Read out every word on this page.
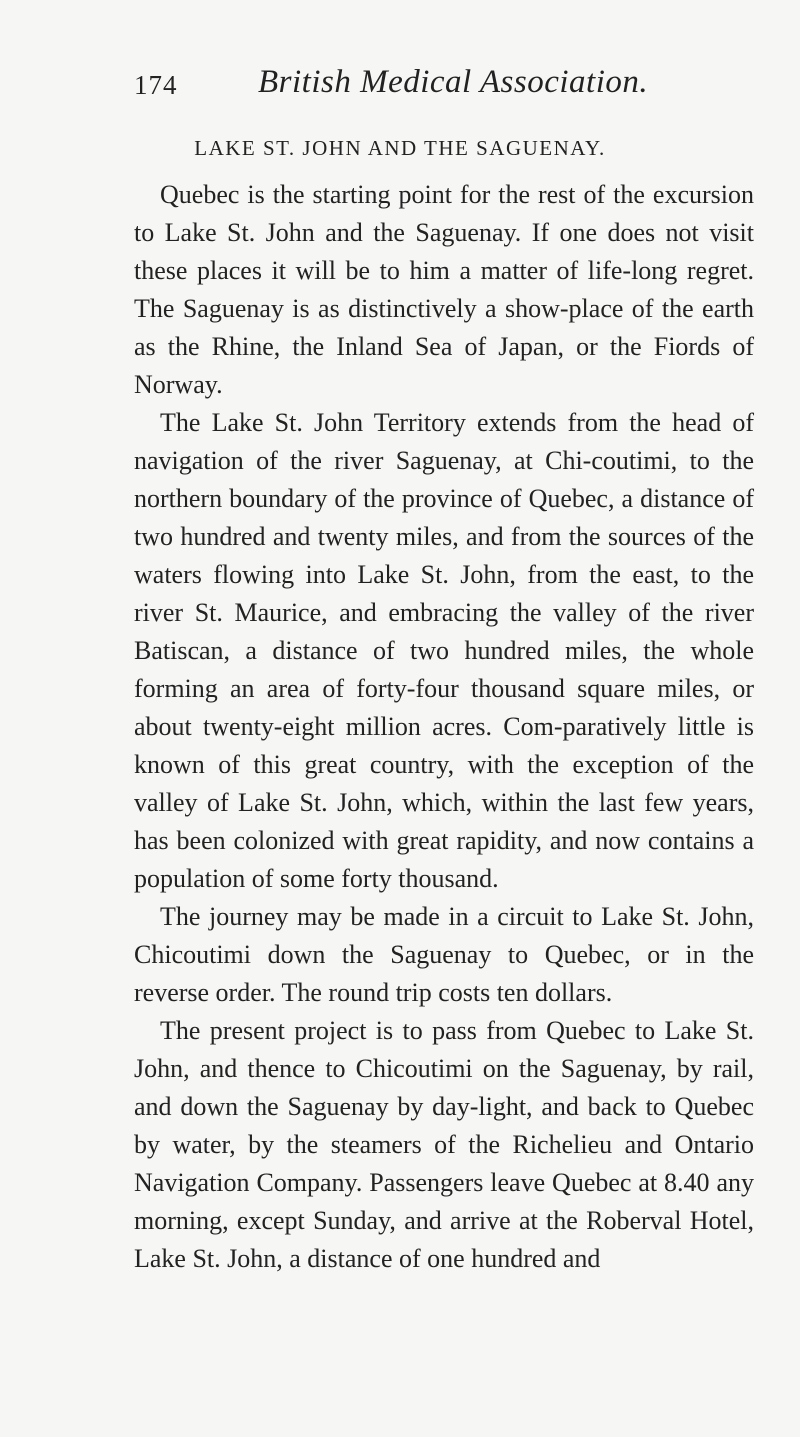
174 British Medical Association.
LAKE ST. JOHN AND THE SAGUENAY.

Quebec is the starting point for the rest of the excursion to Lake St. John and the Saguenay. If one does not visit these places it will be to him a matter of life-long regret. The Saguenay is as distinctively a show-place of the earth as the Rhine, the Inland Sea of Japan, or the Fiords of Norway.

The Lake St. John Territory extends from the head of navigation of the river Saguenay, at Chi-coutimi, to the northern boundary of the province of Quebec, a distance of two hundred and twenty miles, and from the sources of the waters flowing into Lake St. John, from the east, to the river St. Maurice, and embracing the valley of the river Batiscan, a distance of two hundred miles, the whole forming an area of forty-four thousand square miles, or about twenty-eight million acres. Com-paratively little is known of this great country, with the exception of the valley of Lake St. John, which, within the last few years, has been colonized with great rapidity, and now contains a population of some forty thousand.

The journey may be made in a circuit to Lake St. John, Chicoutimi down the Saguenay to Quebec, or in the reverse order. The round trip costs ten dollars.

The present project is to pass from Quebec to Lake St. John, and thence to Chicoutimi on the Saguenay, by rail, and down the Saguenay by day-light, and back to Quebec by water, by the steamers of the Richelieu and Ontario Navigation Company. Passengers leave Quebec at 8.40 any morning, except Sunday, and arrive at the Roberval Hotel, Lake St. John, a distance of one hundred and
